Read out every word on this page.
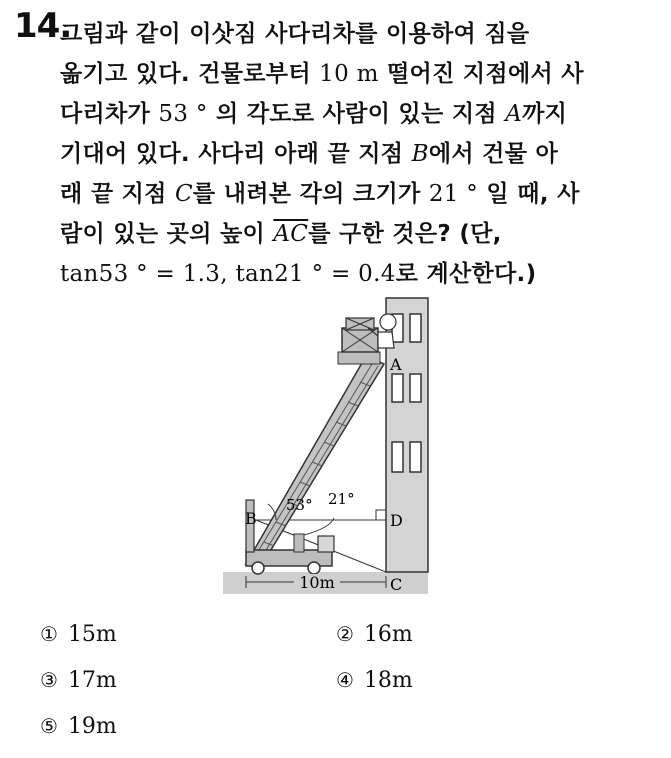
14.
그림과 같이 이삿짐 사다리차를 이용하여 짐을
옮기고 있다. 건물로부터 10 m 떨어진 지점에서 사
다리차가 53 ° 의 각도로 사람이 있는 지점 A까지
기대어 있다. 사다리 아래 끝 지점 B에서 건물 아
래 끝 지점 C를 내려본 각의 크기가 21 ° 일 때, 사
람이 있는 곳의 높이 $\overline{AC}$를 구한 것은? (단,
tan53 ° = 1.3, tan21 ° = 0.4로 계산한다.)
A
B	D
C
53° 21°
10m
① 15m	② 16m
③ 17m	④ 18m
⑤ 19m
